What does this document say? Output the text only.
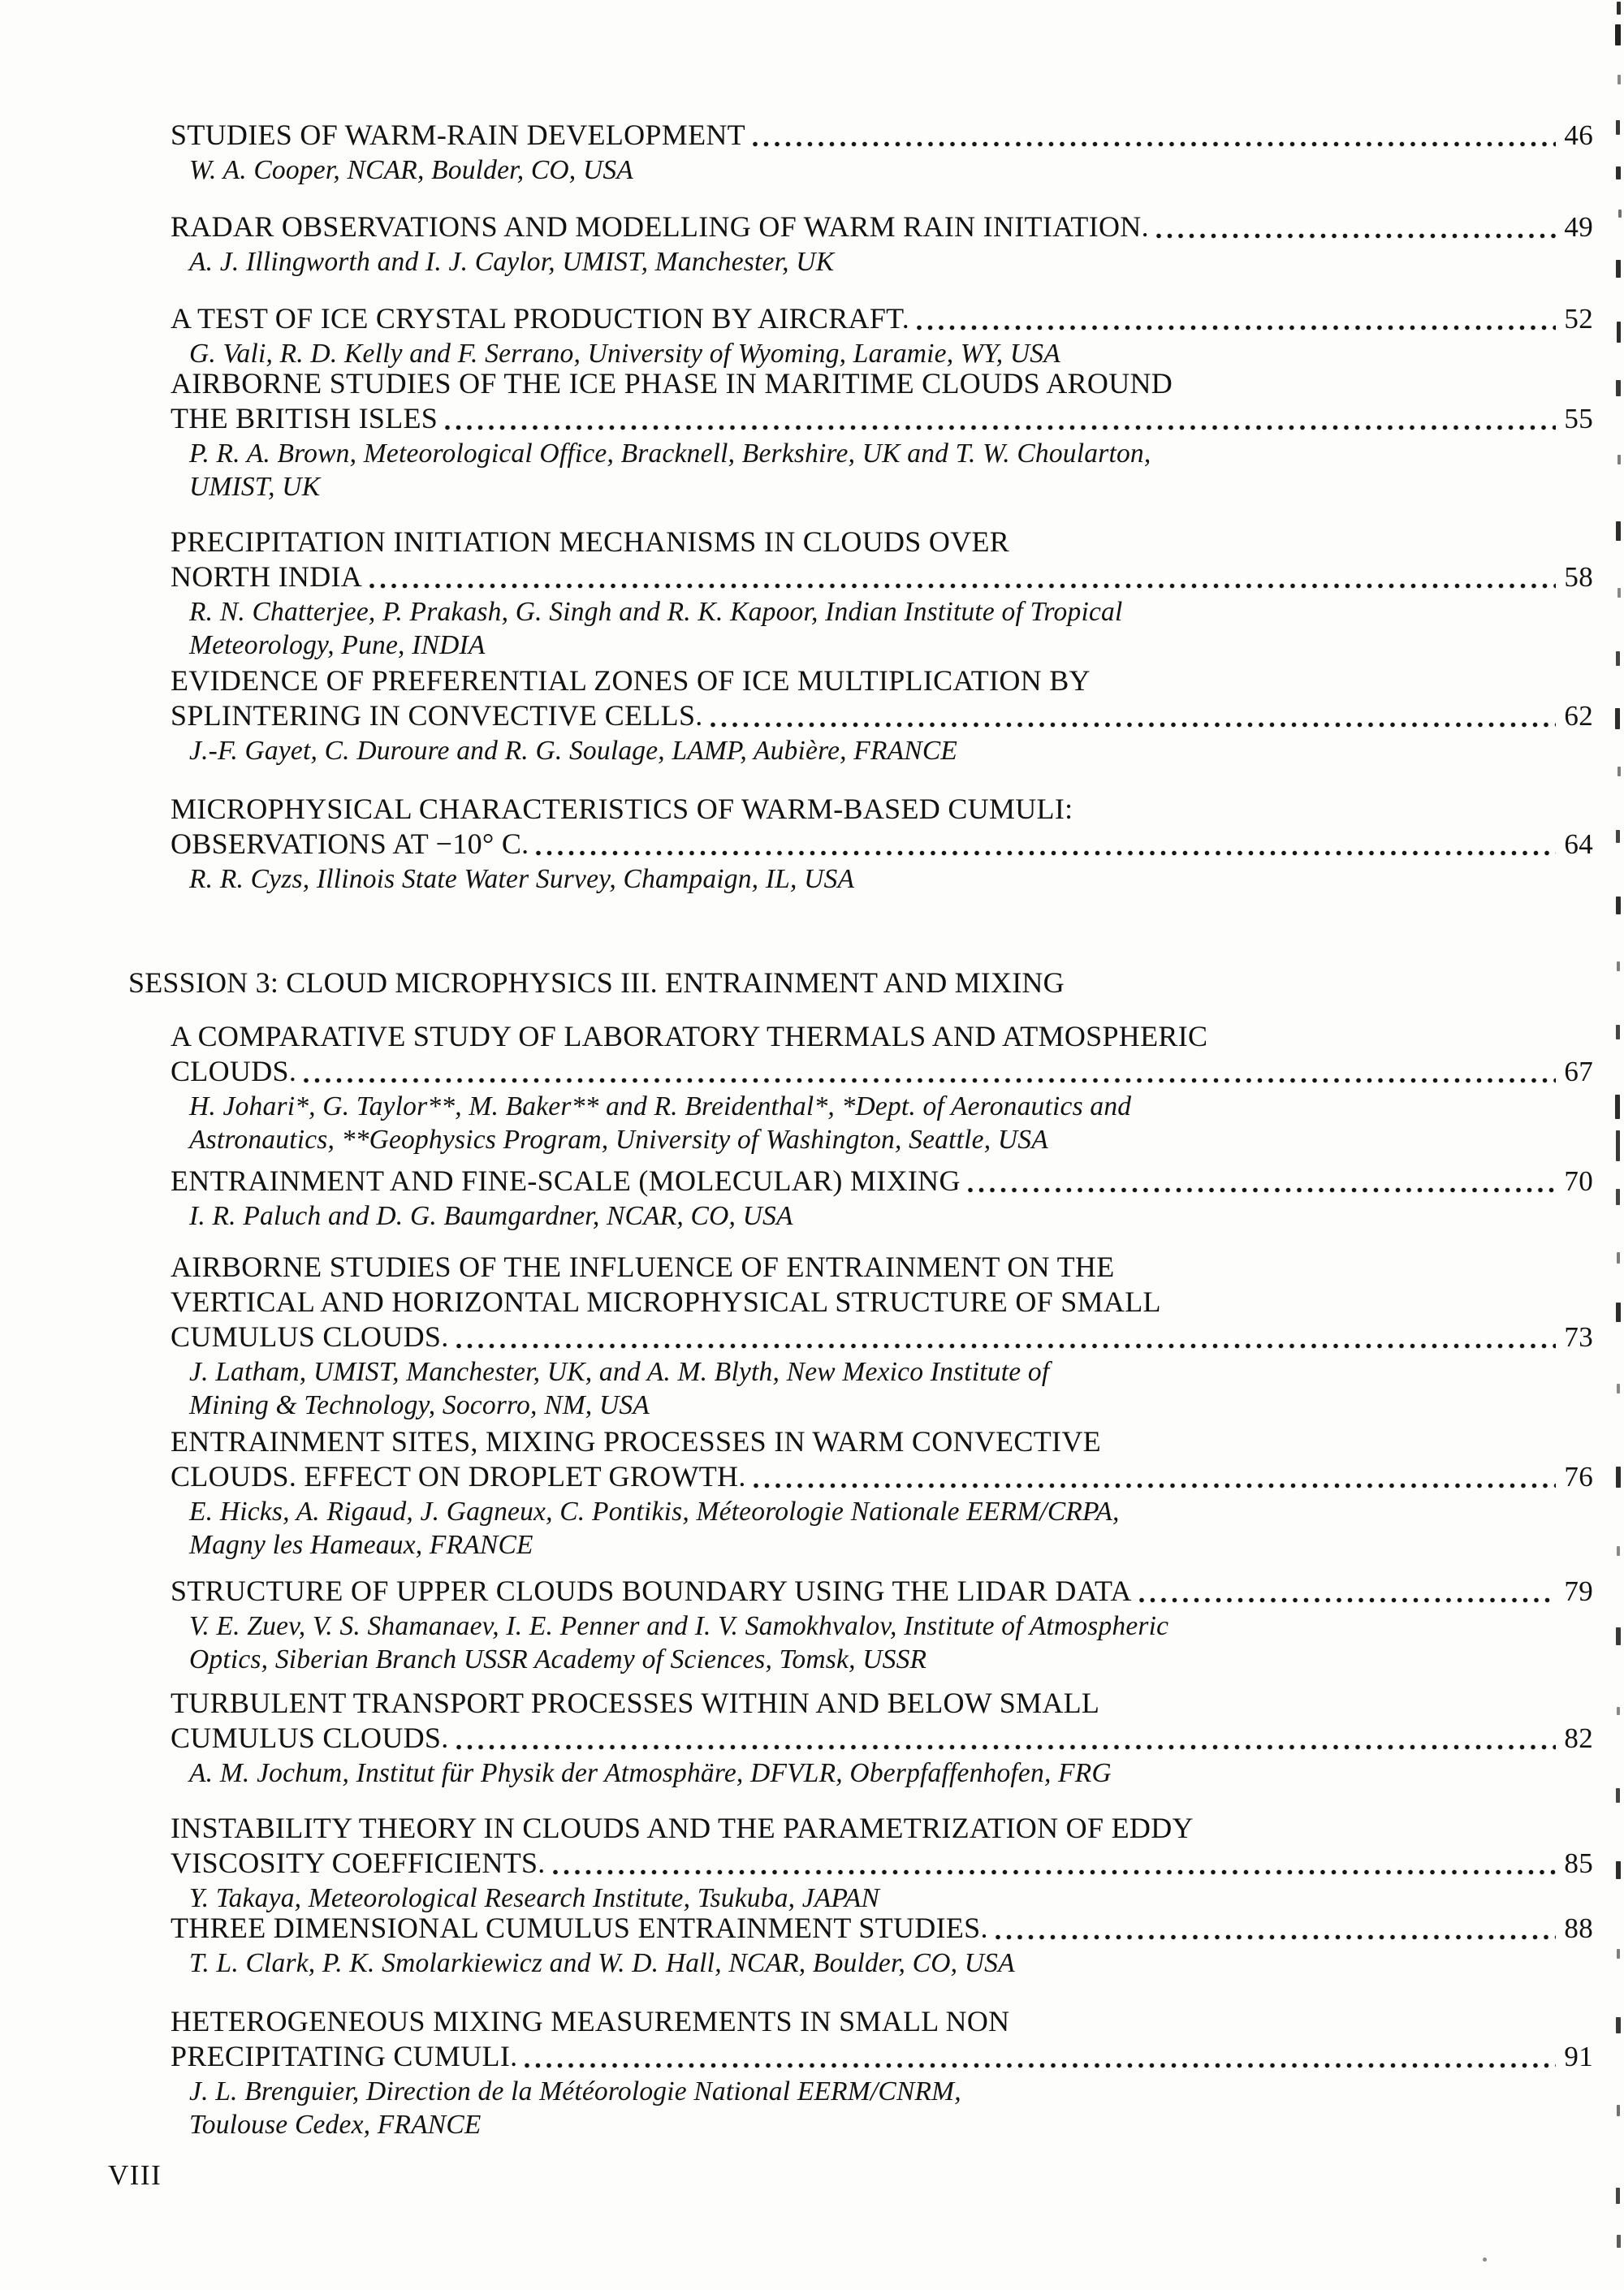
STUDIES OF WARM-RAIN DEVELOPMENT	46
W. A. Cooper, NCAR, Boulder, CO, USA
RADAR OBSERVATIONS AND MODELLING OF WARM RAIN INITIATION.	49
A. J. Illingworth and I. J. Caylor, UMIST, Manchester, UK
A TEST OF ICE CRYSTAL PRODUCTION BY AIRCRAFT.	52
G. Vali, R. D. Kelly and F. Serrano, University of Wyoming, Laramie, WY, USA
AIRBORNE STUDIES OF THE ICE PHASE IN MARITIME CLOUDS AROUND
THE BRITISH ISLES	55
P. R. A. Brown, Meteorological Office, Bracknell, Berkshire, UK and T. W. Choularton,
UMIST, UK
PRECIPITATION INITIATION MECHANISMS IN CLOUDS OVER
NORTH INDIA	58
R. N. Chatterjee, P. Prakash, G. Singh and R. K. Kapoor, Indian Institute of Tropical
Meteorology, Pune, INDIA
EVIDENCE OF PREFERENTIAL ZONES OF ICE MULTIPLICATION BY
SPLINTERING IN CONVECTIVE CELLS.	62
J.-F. Gayet, C. Duroure and R. G. Soulage, LAMP, Aubière, FRANCE
MICROPHYSICAL CHARACTERISTICS OF WARM-BASED CUMULI:
OBSERVATIONS AT −10° C.	64
R. R. Cyzs, Illinois State Water Survey, Champaign, IL, USA
SESSION 3: CLOUD MICROPHYSICS III. ENTRAINMENT AND MIXING
A COMPARATIVE STUDY OF LABORATORY THERMALS AND ATMOSPHERIC
CLOUDS.	67
H. Johari*, G. Taylor**, M. Baker** and R. Breidenthal*, *Dept. of Aeronautics and
Astronautics, **Geophysics Program, University of Washington, Seattle, USA
ENTRAINMENT AND FINE-SCALE (MOLECULAR) MIXING	70
I. R. Paluch and D. G. Baumgardner, NCAR, CO, USA
AIRBORNE STUDIES OF THE INFLUENCE OF ENTRAINMENT ON THE
VERTICAL AND HORIZONTAL MICROPHYSICAL STRUCTURE OF SMALL
CUMULUS CLOUDS.	73
J. Latham, UMIST, Manchester, UK, and A. M. Blyth, New Mexico Institute of
Mining & Technology, Socorro, NM, USA
ENTRAINMENT SITES, MIXING PROCESSES IN WARM CONVECTIVE
CLOUDS. EFFECT ON DROPLET GROWTH.	76
E. Hicks, A. Rigaud, J. Gagneux, C. Pontikis, Méteorologie Nationale EERM/CRPA,
Magny les Hameaux, FRANCE
STRUCTURE OF UPPER CLOUDS BOUNDARY USING THE LIDAR DATA	79
V. E. Zuev, V. S. Shamanaev, I. E. Penner and I. V. Samokhvalov, Institute of Atmospheric
Optics, Siberian Branch USSR Academy of Sciences, Tomsk, USSR
TURBULENT TRANSPORT PROCESSES WITHIN AND BELOW SMALL
CUMULUS CLOUDS.	82
A. M. Jochum, Institut für Physik der Atmosphäre, DFVLR, Oberpfaffenhofen, FRG
INSTABILITY THEORY IN CLOUDS AND THE PARAMETRIZATION OF EDDY
VISCOSITY COEFFICIENTS.	85
Y. Takaya, Meteorological Research Institute, Tsukuba, JAPAN
THREE DIMENSIONAL CUMULUS ENTRAINMENT STUDIES.	88
T. L. Clark, P. K. Smolarkiewicz and W. D. Hall, NCAR, Boulder, CO, USA
HETEROGENEOUS MIXING MEASUREMENTS IN SMALL NON
PRECIPITATING CUMULI.	91
J. L. Brenguier, Direction de la Météorologie National EERM/CNRM,
Toulouse Cedex, FRANCE
VIII
